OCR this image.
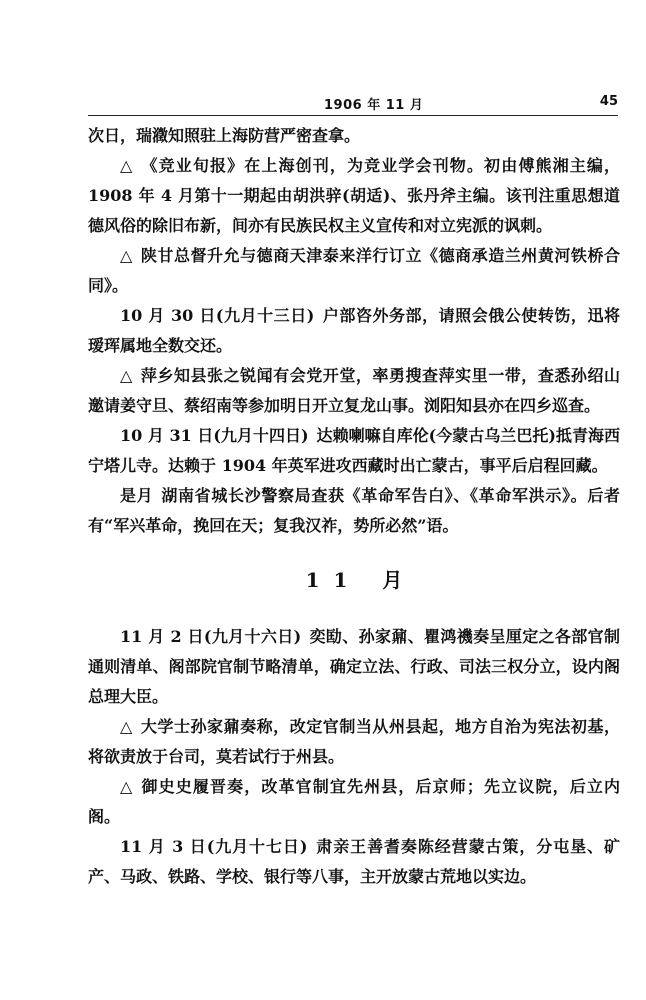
1906 年 11 月	45

次日，瑞瀓知照驻上海防营严密查拿。

△ 《竞业旬报》在上海创刊，为竞业学会刊物。初由傅熊湘主编，1908 年 4 月第十一期起由胡洪骍(胡适)、张丹斧主编。该刊注重思想道德风俗的除旧布新，间亦有民族民权主义宣传和对立宪派的讽刺。

△ 陕甘总督升允与德商天津泰来洋行订立《德商承造兰州黄河铁桥合同》。

10 月 30 日(九月十三日) 户部咨外务部，请照会俄公使转饬，迅将瑷珲属地全数交还。

△ 萍乡知县张之锐闻有会党开堂，率勇搜查萍实里一带，查悉孙绍山邀请姜守旦、蔡绍南等参加明日开立复龙山事。浏阳知县亦在四乡巡查。

10 月 31 日(九月十四日) 达赖喇嘛自库伦(今蒙古乌兰巴托)抵青海西宁塔儿寺。达赖于 1904 年英军进攻西藏时出亡蒙古，事平后启程回藏。

是月 湖南省城长沙警察局查获《革命军告白》、《革命军洪示》。后者有“军兴革命，挽回在天；复我汉祚，势所必然”语。

11 月

11 月 2 日(九月十六日) 奕劻、孙家鼐、瞿鸿禨奏呈厘定之各部官制通则清单、阁部院官制节略清单，确定立法、行政、司法三权分立，设内阁总理大臣。

△ 大学士孙家鼐奏称，改定官制当从州县起，地方自治为宪法初基，将欲责放于台司，莫若试行于州县。

△ 御史史履晋奏，改革官制宜先州县，后京师；先立议院，后立内阁。

11 月 3 日(九月十七日) 肃亲王善耆奏陈经营蒙古策，分屯垦、矿产、马政、铁路、学校、银行等八事，主开放蒙古荒地以实边。
